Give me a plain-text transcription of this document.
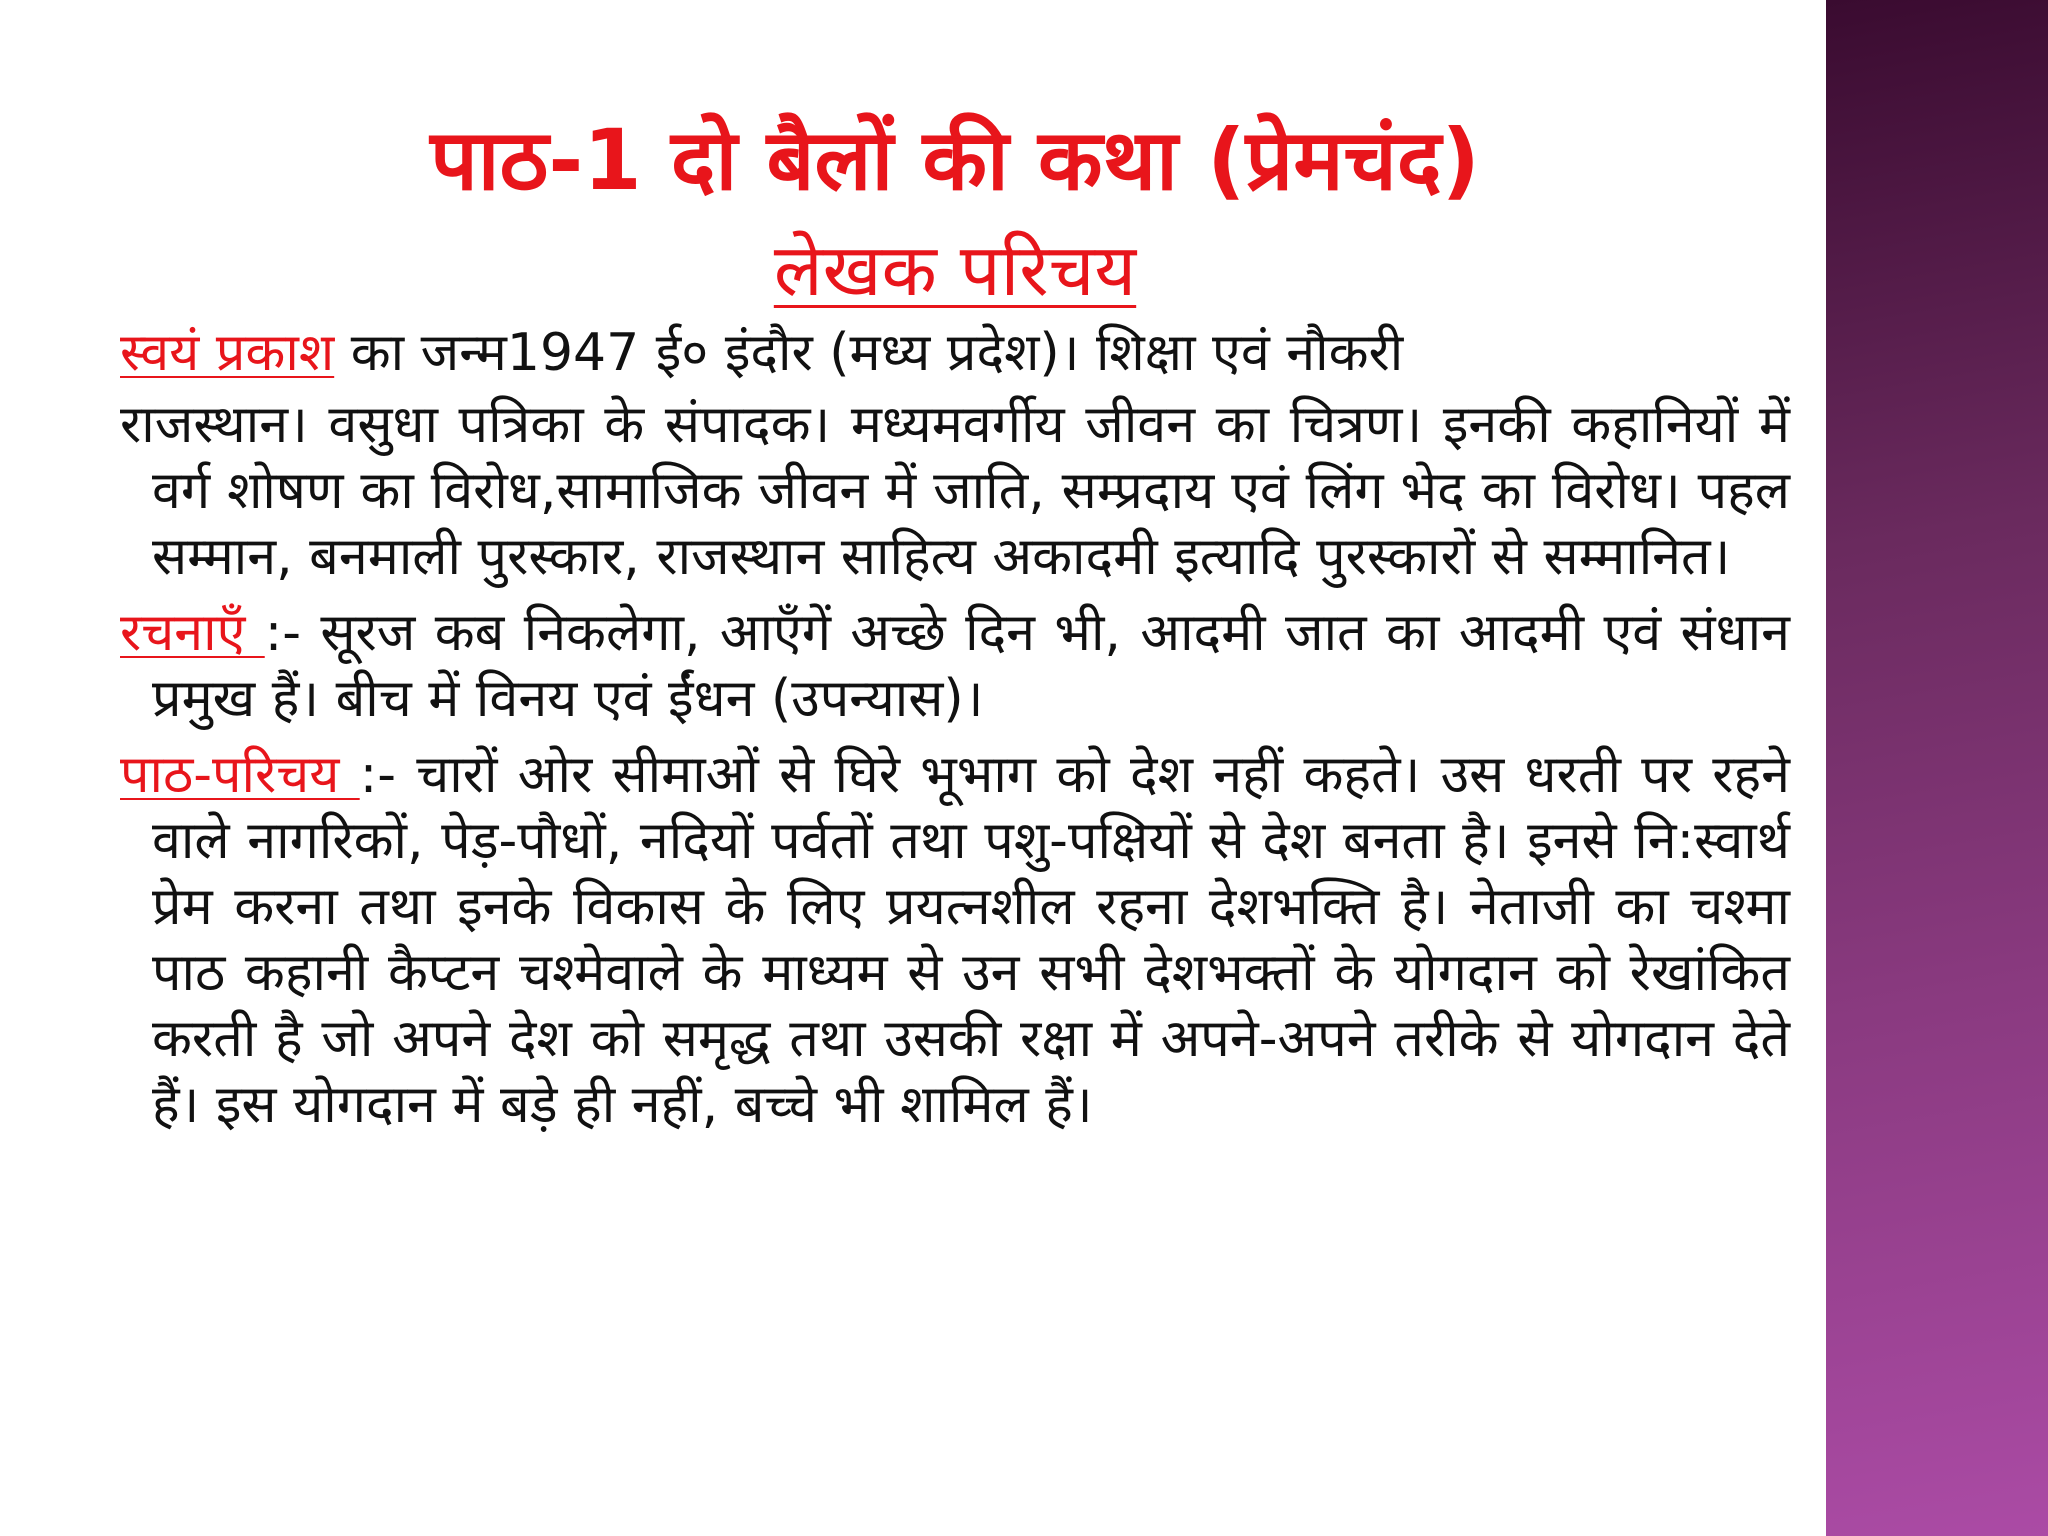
पाठ-1 दो बैलों की कथा (प्रेमचंद)
लेखक परिचय

स्वयं प्रकाश का जन्म1947 ई० इंदौर (मध्य प्रदेश)। शिक्षा एवं नौकरी

राजस्थान। वसुधा पत्रिका के संपादक। मध्यमवर्गीय जीवन का चित्रण। इनकी कहानियों में वर्ग शोषण का विरोध,सामाजिक जीवन में जाति, सम्प्रदाय एवं लिंग भेद का विरोध। पहल सम्मान, बनमाली पुरस्कार, राजस्थान साहित्य अकादमी इत्यादि पुरस्कारों से सम्मानित।

रचनाएँ :- सूरज कब निकलेगा, आएँगें अच्छे दिन भी, आदमी जात का आदमी एवं संधान प्रमुख हैं। बीच में विनय एवं ईंधन (उपन्यास)।

पाठ-परिचय :- चारों ओर सीमाओं से घिरे भूभाग को देश नहीं कहते। उस धरती पर रहने वाले नागरिकों, पेड़-पौधों, नदियों पर्वतों तथा पशु-पक्षियों से देश बनता है। इनसे नि:स्वार्थ प्रेम करना तथा इनके विकास के लिए प्रयत्नशील रहना देशभक्ति है। नेताजी का चश्मा पाठ कहानी कैप्टन चश्मेवाले के माध्यम से उन सभी देशभक्तों के योगदान को रेखांकित करती है जो अपने देश को समृद्ध तथा उसकी रक्षा में अपने-अपने तरीके से योगदान देते हैं। इस योगदान में बड़े ही नहीं, बच्चे भी शामिल हैं।
